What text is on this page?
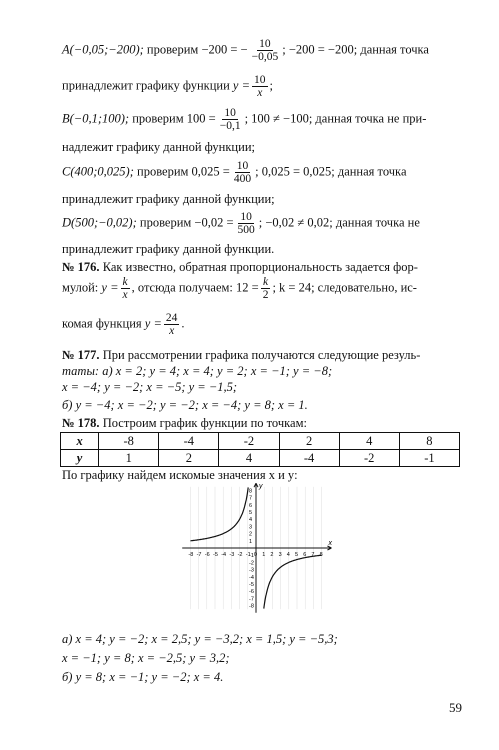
A(−0,05;−200); проверим −200 = − $\frac{10}{-0,05}$ ; −200 = −200; данная точка
принадлежит графику функции $y = \frac{10}{x}$ ;
B(−0,1;100); проверим $100 = \frac{10}{-0,1}$ ; 100 ≠ −100; данная точка не при-
надлежит графику данной функции;
C(400;0,025); проверим $0,025 = \frac{10}{400}$ ; 0,025 = 0,025; данная точка
принадлежит графику данной функции;
D(500;−0,02); проверим $-0,02 = \frac{10}{500}$ ; −0,02 ≠ 0,02; данная точка не
принадлежит графику данной функции.
№ 176. Как известно, обратная пропорциональность задается фор-
мулой: $y = \frac{k}{x}$ , отсюда получаем: $12 = \frac{k}{2}$ ; k = 24; следовательно, ис-
комая функция $y = \frac{24}{x}$ .
№ 177. При рассмотрении графика получаются следующие резуль-
таты: а) x = 2; y = 4; x = 4; y = 2; x = −1; y = −8;
x = −4; y = −2; x = −5; y = −1,5;
б) y = −4; x = −2; y = −2; x = −4; y = 8; x = 1.
№ 178. Построим график функции по точкам:
x	-8	-4	-2	2	4	8
y	1	2	4	-4	-2	-1
По графику найдем искомые значения x и y:
-8 -7 -6 -5 -4 -3 -2 -1 0 1 2 3 4 5 6 7 8
8
7
6
5
4
3
2
1
-1
-2
-3
-4
-5
-6
-7
-8
x
y
а) x = 4; y = −2; x = 2,5; y = −3,2; x = 1,5; y = −5,3;
x = −1; y = 8; x = −2,5; y = 3,2;
б) y = 8; x = −1; y = −2; x = 4.
59
